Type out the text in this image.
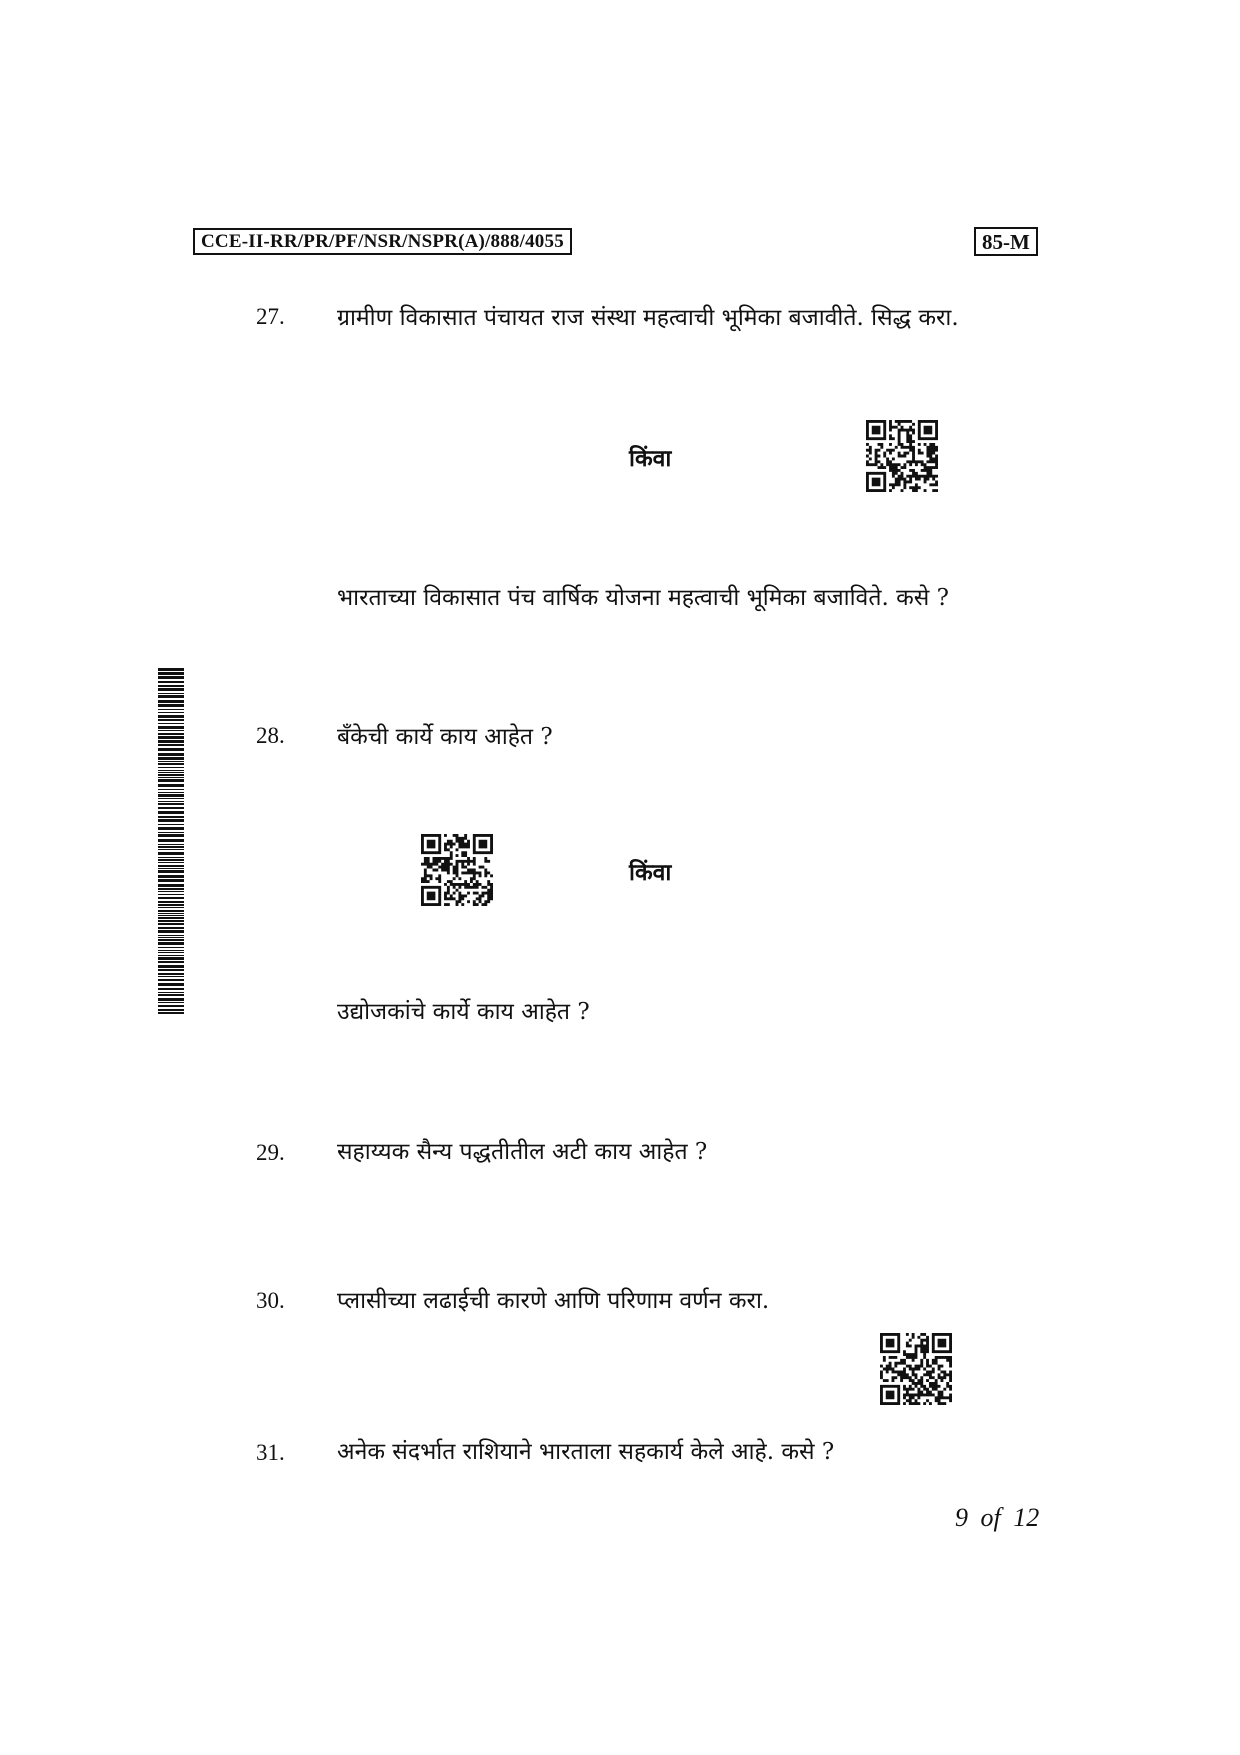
CCE-II-RR/PR/PF/NSR/NSPR(A)/888/4055	85-M
27. ग्रामीण विकासात पंचायत राज संस्था महत्वाची भूमिका बजावीते. सिद्ध करा.
किंवा
भारताच्या विकासात पंच वार्षिक योजना महत्वाची भूमिका बजाविते. कसे ?
28. बँकेची कार्ये काय आहेत ?
किंवा
उद्योजकांचे कार्ये काय आहेत ?
29. सहाय्यक सैन्य पद्धतीतील अटी काय आहेत ?
30. प्लासीच्या लढाईची कारणे आणि परिणाम वर्णन करा.
31. अनेक संदर्भात राशियाने भारताला सहकार्य केले आहे. कसे ?
9 of 12
